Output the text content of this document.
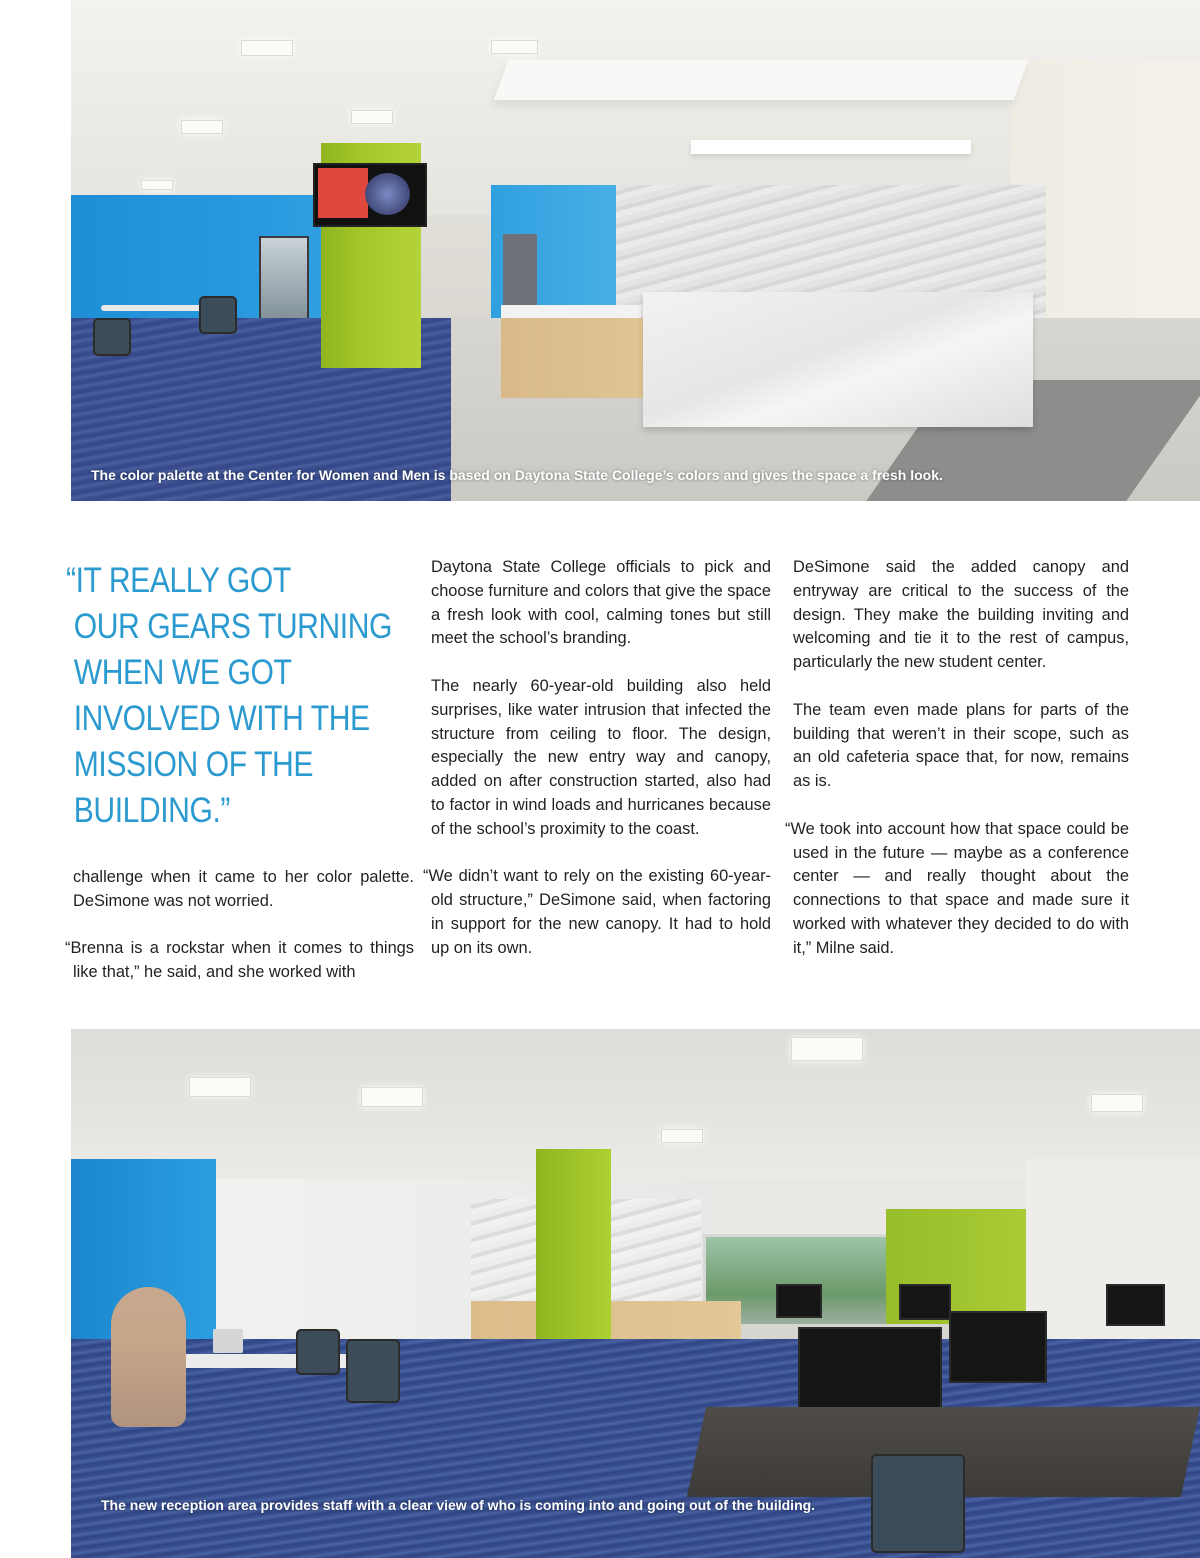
The color palette at the Center for Women and Men is based on Daytona State College’s colors and gives the space a fresh look.
“IT REALLY GOT
OUR GEARS TURNING
WHEN WE GOT
INVOLVED WITH THE
MISSION OF THE
BUILDING.”

challenge when it came to her color palette. DeSimone was not worried.

“Brenna is a rockstar when it comes to things like that,” he said, and she worked with

Daytona State College officials to pick and choose furniture and colors that give the space a fresh look with cool, calming tones but still meet the school’s branding.

The nearly 60-year-old building also held surprises, like water intrusion that infected the structure from ceiling to floor. The design, especially the new entry way and canopy, added on after construction started, also had to factor in wind loads and hurricanes because of the school’s proximity to the coast.

“We didn’t want to rely on the existing 60-year-old structure,” DeSimone said, when factoring in support for the new canopy. It had to hold up on its own.

DeSimone said the added canopy and entryway are critical to the success of the design. They make the building inviting and welcoming and tie it to the rest of campus, particularly the new student center.

The team even made plans for parts of the building that weren’t in their scope, such as an old cafeteria space that, for now, remains as is.

“We took into account how that space could be used in the future — maybe as a conference center — and really thought about the connections to that space and made sure it worked with whatever they decided to do with it,” Milne said.

The new reception area provides staff with a clear view of who is coming into and going out of the building.
